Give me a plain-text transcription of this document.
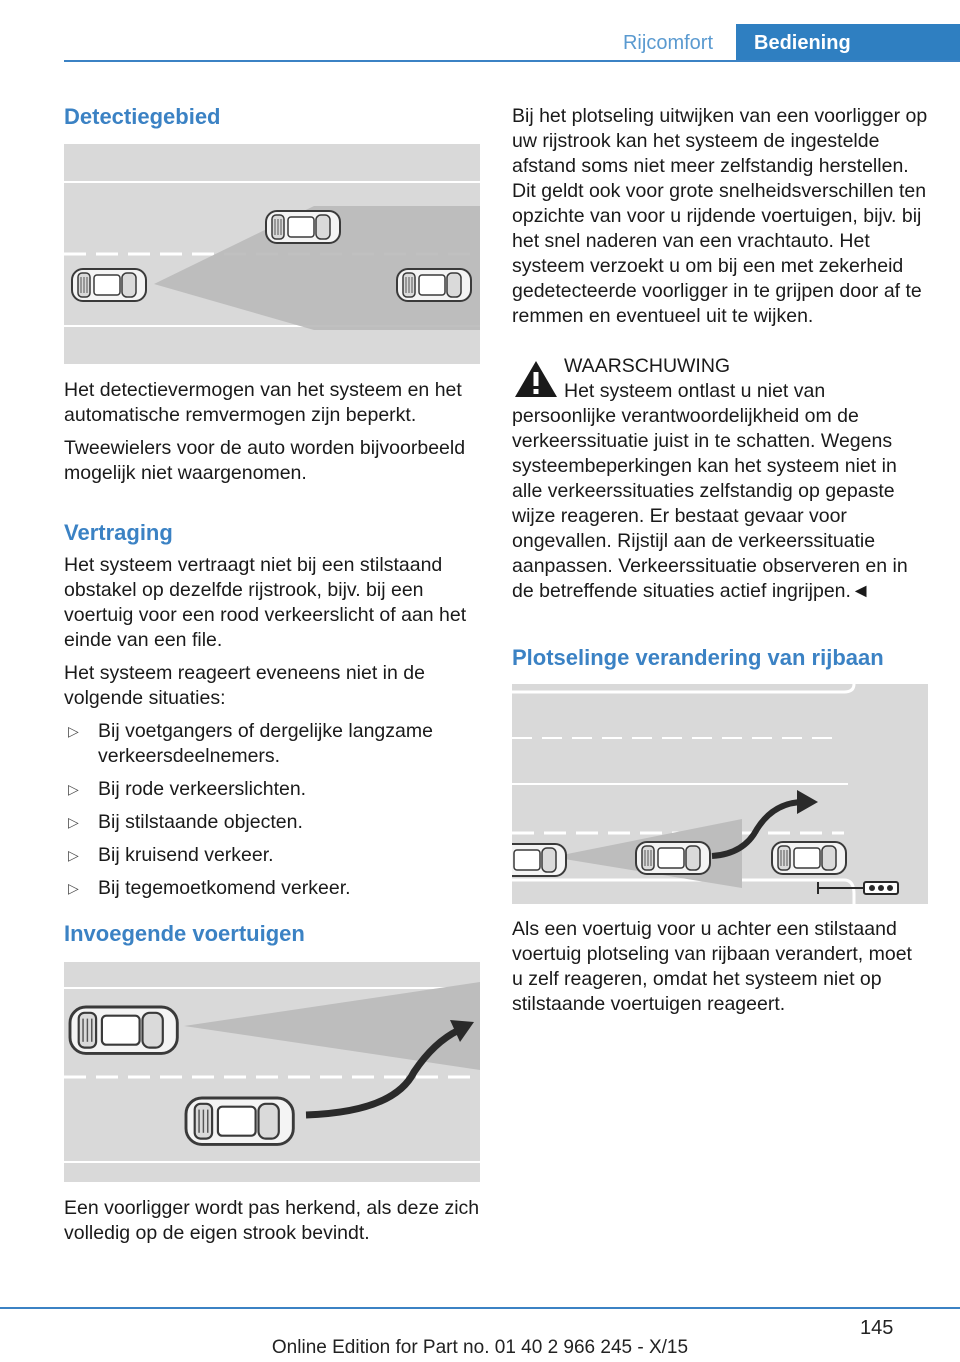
Rijcomfort	Bediening
Detectiegebied

Het detectievermogen van het systeem en het automatische remvermogen zijn beperkt.

Tweewielers voor de auto worden bijvoorbeeld mogelijk niet waargenomen.

Vertraging

Het systeem vertraagt niet bij een stilstaand obstakel op dezelfde rijstrook, bijv. bij een voertuig voor een rood verkeerslicht of aan het einde van een file.

Het systeem reageert eveneens niet in de volgende situaties:

▷ Bij voetgangers of dergelijke langzame verkeersdeelnemers.
▷ Bij rode verkeerslichten.
▷ Bij stilstaande objecten.
▷ Bij kruisend verkeer.
▷ Bij tegemoetkomend verkeer.
Invoegende voertuigen

Een voorligger wordt pas herkend, als deze zich volledig op de eigen strook bevindt.

Bij het plotseling uitwijken van een voorligger op uw rijstrook kan het systeem de ingestelde afstand soms niet meer zelfstandig herstellen. Dit geldt ook voor grote snelheidsverschillen ten opzichte van voor u rijdende voertuigen, bijv. bij het snel naderen van een vrachtauto. Het systeem verzoekt u om bij een met zekerheid gedetecteerde voorligger in te grijpen door af te remmen en eventueel uit te wijken.

WAARSCHUWING

Het systeem ontlast u niet van persoonlijke verantwoordelijkheid om de verkeerssituatie juist in te schatten. Wegens systeembeperkingen kan het systeem niet in alle verkeerssituaties zelfstandig op gepaste wijze reageren. Er bestaat gevaar voor ongevallen. Rijstijl aan de verkeerssituatie aanpassen. Verkeerssituatie observeren en in de betreffende situaties actief ingrijpen.◄

Plotselinge verandering van rijbaan

Als een voertuig voor u achter een stilstaand voertuig plotseling van rijbaan verandert, moet u zelf reageren, omdat het systeem niet op stilstaande voertuigen reageert.

145
Online Edition for Part no. 01 40 2 966 245 - X/15
